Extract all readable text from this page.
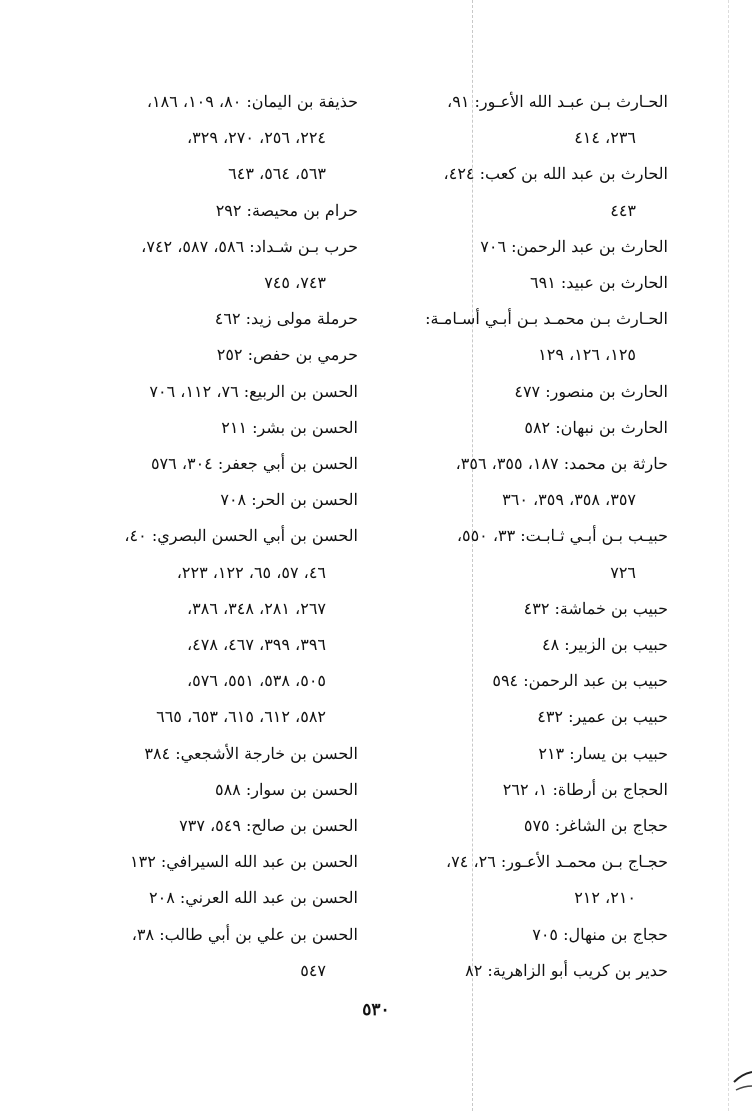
الحـارث بـن عبـد الله الأعـور: ٩١،
٢٣٦، ٤١٤
الحارث بن عبد الله بن كعب: ٤٢٤،
٤٤٣
الحارث بن عبد الرحمن: ٧٠٦
الحارث بن عبيد: ٦٩١
الحـارث بـن محمـد بـن أبـي أسـامـة:
١٢٥، ١٢٦، ١٢٩
الحارث بن منصور: ٤٧٧
الحارث بن نبهان: ٥٨٢
حارثة بن محمد: ١٨٧، ٣٥٥، ٣٥٦،
٣٥٧، ٣٥٨، ٣٥٩، ٣٦٠
حبيـب بـن أبـي ثـابـت: ٣٣، ٥٥٠،
٧٢٦
حبيب بن خماشة: ٤٣٢
حبيب بن الزبير: ٤٨
حبيب بن عبد الرحمن: ٥٩٤
حبيب بن عمير: ٤٣٢
حبيب بن يسار: ٢١٣
الحجاج بن أرطاة: ١، ٢٦٢
حجاج بن الشاغر: ٥٧٥
حجـاج بـن محمـد الأعـور: ٢٦، ٧٤،
٢١٠، ٢١٢
حجاج بن منهال: ٧٠٥
حدير بن كريب أبو الزاهرية: ٨٢
حذيفة بن اليمان: ٨٠، ١٠٩، ١٨٦،
٢٢٤، ٢٥٦، ٢٧٠، ٣٢٩،
٥٦٣، ٥٦٤، ٦٤٣
حرام بن محيصة: ٢٩٢
حرب بـن شـداد: ٥٨٦، ٥٨٧، ٧٤٢،
٧٤٣، ٧٤٥
حرملة مولى زيد: ٤٦٢
حرمي بن حفص: ٢٥٢
الحسن بن الربيع: ٧٦، ١١٢، ٧٠٦
الحسن بن بشر: ٢١١
الحسن بن أبي جعفر: ٣٠٤، ٥٧٦
الحسن بن الحر: ٧٠٨
الحسن بن أبي الحسن البصري: ٤٠،
٤٦، ٥٧، ٦٥، ١٢٢، ٢٢٣،
٢٦٧، ٢٨١، ٣٤٨، ٣٨٦،
٣٩٦، ٣٩٩، ٤٦٧، ٤٧٨،
٥٠٥، ٥٣٨، ٥٥١، ٥٧٦،
٥٨٢، ٦١٢، ٦١٥، ٦٥٣، ٦٦٥
الحسن بن خارجة الأشجعي: ٣٨٤
الحسن بن سوار: ٥٨٨
الحسن بن صالح: ٥٤٩، ٧٣٧
الحسن بن عبد الله السيرافي: ١٣٢
الحسن بن عبد الله العرني: ٢٠٨
الحسن بن علي بن أبي طالب: ٣٨،
٥٤٧
٥٣٠
